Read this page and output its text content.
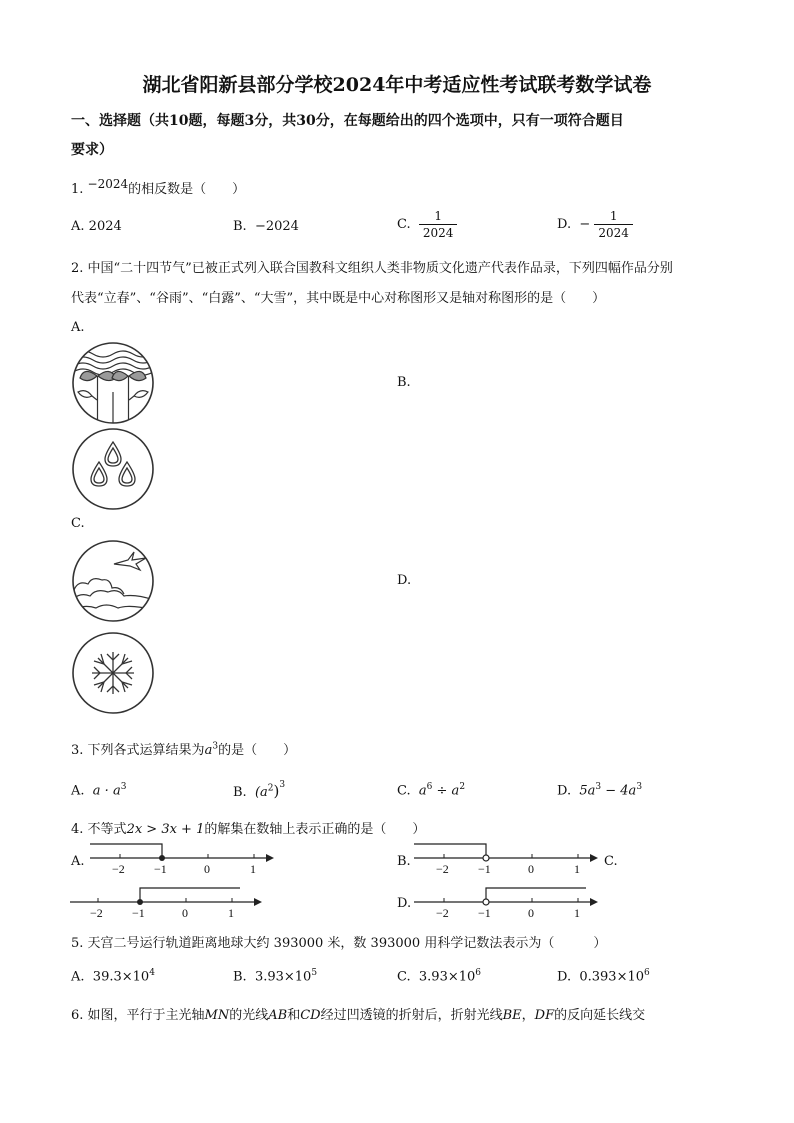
湖北省阳新县部分学校2024年中考适应性考试联考数学试卷
一、选择题（共10题，每题3分，共30分，在每题给出的四个选项中，只有一项符合题目
要求）
1. −2024的相反数是（　　）
A. 2024	B. −2024	C. $\frac{1}{2024}$	D. − $\frac{1}{2024}$
2. 中国“二十四节气”已被正式列入联合国教科文组织人类非物质文化遗产代表作品录，下列四幅作品分别
代表“立春”、“谷雨”、“白露”、“大雪”，其中既是中心对称图形又是轴对称图形的是（　　）
A.
B.
C.
D.
3. 下列各式运算结果为$a^3$的是（　　）
A. $a \cdot a^3$	B. $(a^2)^3$	C. $a^6 \div a^2$	D. $5a^3 - 4a^3$
4. 不等式2x > 3x + 1的解集在数轴上表示正确的是（　　）
A. −2 −1	0	1	B. −2 −1	0	1 C.
−2 −1	0	1
D.
−2 −1	0	1
5. 天宫二号运行轨道距离地球大约 393000 米，数 393000 用科学记数法表示为（　　　）
A. $39.3\times 10^4$	B. $3.93\times 10^5$	C. $3.93\times 10^6$	D. $0.393\times 10^6$
6. 如图，平行于主光轴MN的光线AB和CD经过凹透镜的折射后，折射光线BE，DF的反向延长线交
